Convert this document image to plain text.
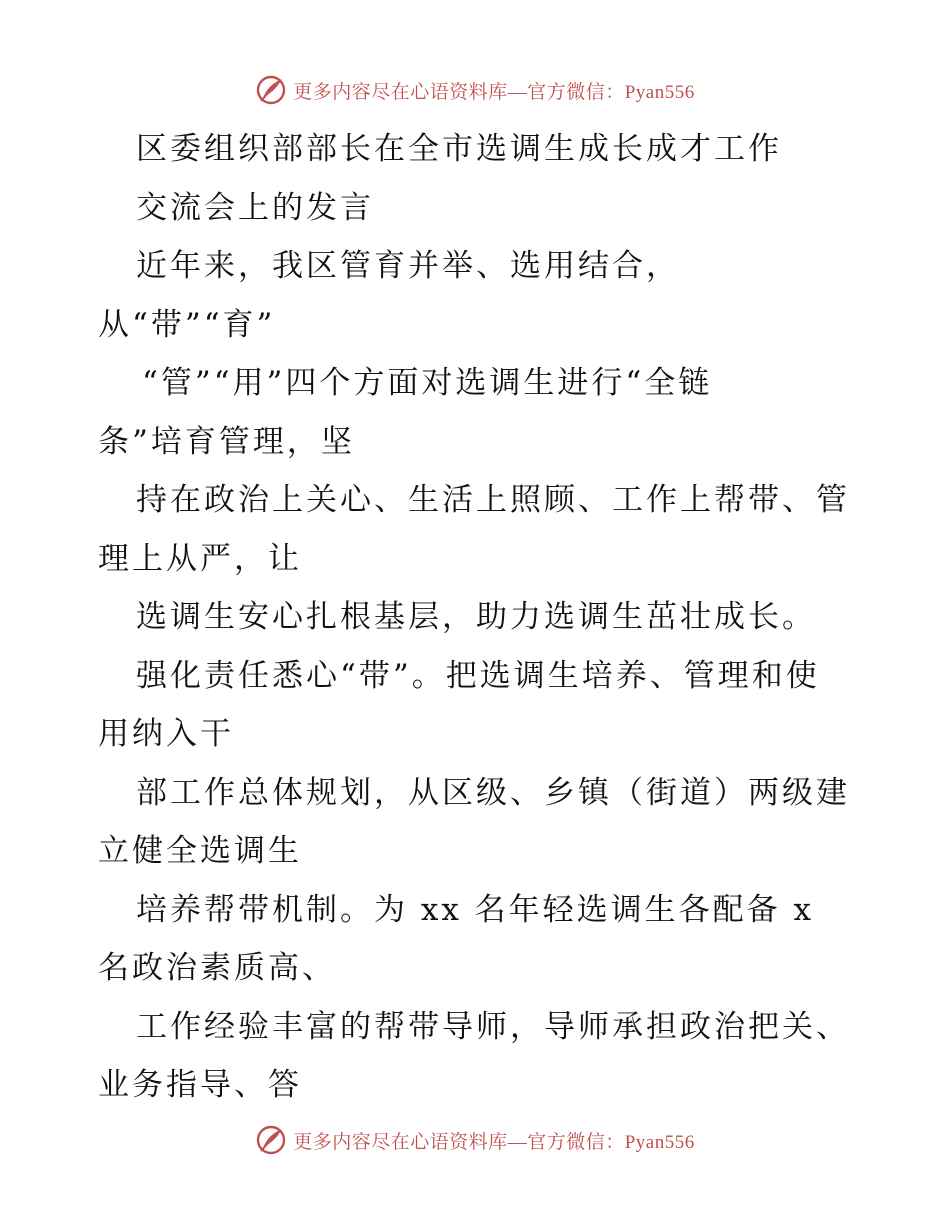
更多内容尽在心语资料库—官方微信：Pyan556
区委组织部部长在全市选调生成长成才工作
交流会上的发言
近年来，我区管育并举、选用结合，
从“带”“育”
“管”“用”四个方面对选调生进行“全链
条”培育管理，坚
持在政治上关心、生活上照顾、工作上帮带、管
理上从严，让
选调生安心扎根基层，助力选调生茁壮成长。
强化责任悉心“带”。把选调生培养、管理和使
用纳入干
部工作总体规划，从区级、乡镇（街道）两级建
立健全选调生
培养帮带机制。为 xx 名年轻选调生各配备 x
名政治素质高、
工作经验丰富的帮带导师，导师承担政治把关、
业务指导、答
更多内容尽在心语资料库—官方微信：Pyan556
